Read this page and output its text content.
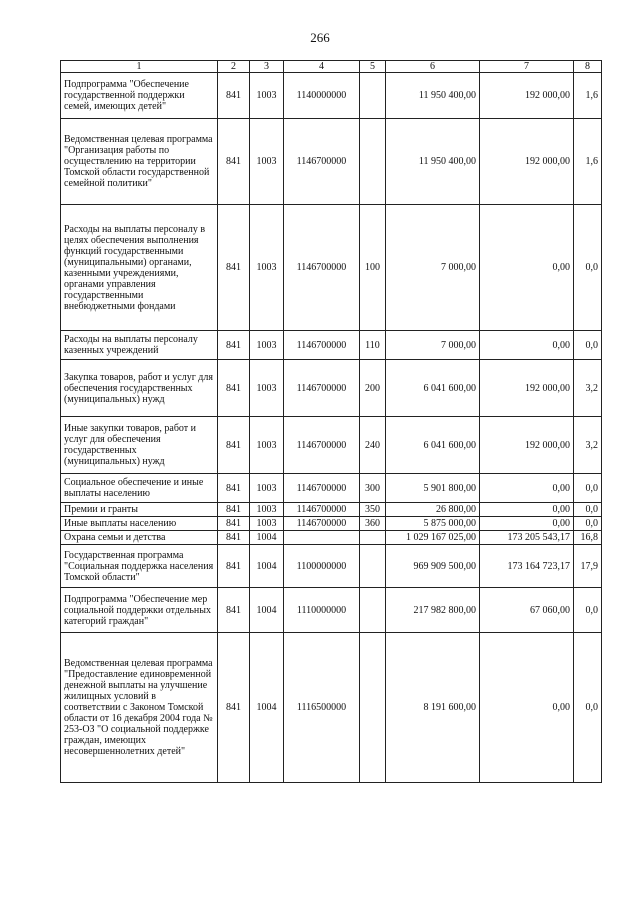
266
1	2	3	4	5	6	7	8
Подпрограмма "Обеспечение государственной поддержки семей, имеющих детей"	841	1003	1140000000		11 950 400,00	192 000,00	1,6
Ведомственная целевая программа "Организация работы по осуществлению на территории Томской области государственной семейной политики"	841	1003	1146700000		11 950 400,00	192 000,00	1,6
Расходы на выплаты персоналу в целях обеспечения выполнения функций государственными (муниципальными) органами, казенными учреждениями, органами управления государственными внебюджетными фондами	841	1003	1146700000	100	7 000,00	0,00	0,0
Расходы на выплаты персоналу казенных учреждений	841	1003	1146700000	110	7 000,00	0,00	0,0
Закупка товаров, работ и услуг для обеспечения государственных (муниципальных) нужд	841	1003	1146700000	200	6 041 600,00	192 000,00	3,2
Иные закупки товаров, работ и услуг для обеспечения государственных (муниципальных) нужд	841	1003	1146700000	240	6 041 600,00	192 000,00	3,2
Социальное обеспечение и иные выплаты населению	841	1003	1146700000	300	5 901 800,00	0,00	0,0
Премии и гранты	841	1003	1146700000	350	26 800,00	0,00	0,0
Иные выплаты населению	841	1003	1146700000	360	5 875 000,00	0,00	0,0
Охрана семьи и детства	841	1004			1 029 167 025,00	173 205 543,17	16,8
Государственная программа "Социальная поддержка населения Томской области"	841	1004	1100000000		969 909 500,00	173 164 723,17	17,9
Подпрограмма "Обеспечение мер социальной поддержки отдельных категорий граждан"	841	1004	1110000000		217 982 800,00	67 060,00	0,0
Ведомственная целевая программа "Предоставление единовременной денежной выплаты на улучшение жилищных условий в соответствии с Законом Томской области от 16 декабря 2004 года № 253-ОЗ "О социальной поддержке граждан, имеющих несовершеннолетних детей"	841	1004	1116500000		8 191 600,00	0,00	0,0
